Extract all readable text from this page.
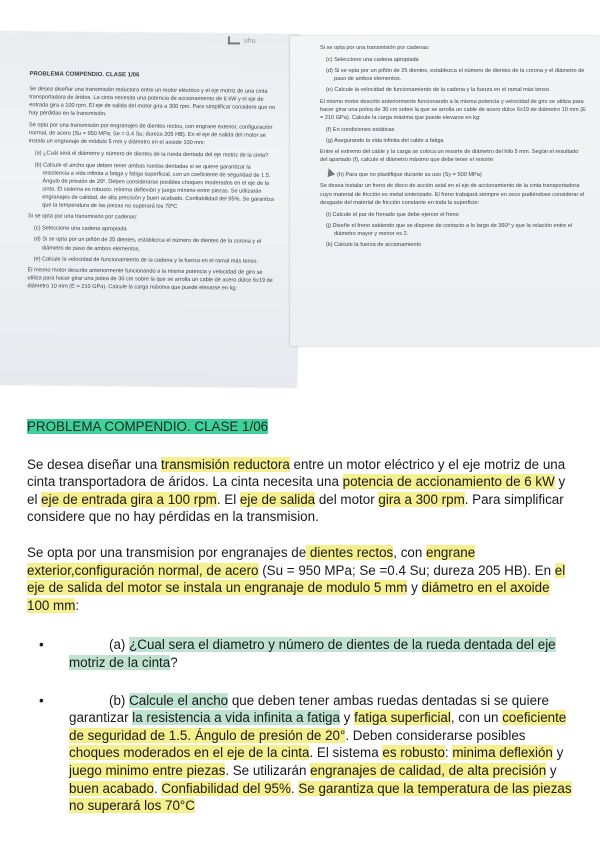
uhu

PROBLEMA COMPENDIO. CLASE 1/06

Se desea diseñar una transmisión reductora entre un motor eléctrico y el eje motriz de una cinta transportadora de áridos. La cinta necesita una potencia de accionamiento de 6 kW y el eje de entrada gira a 100 rpm. El eje de salida del motor gira a 300 rpm. Para simplificar considere que no hay pérdidas en la transmisión.

Se opta por una transmisión por engranajes de dientes rectos, con engrane exterior, configuración normal, de acero (Su = 950 MPa; Se = 0.4 Su; dureza 205 HB). En el eje de salida del motor se instala un engranaje de módulo 5 mm y diámetro en el axoide 100 mm:

(a) ¿Cuál será el diámetro y número de dientes de la rueda dentada del eje motriz de la cinta?

(b) Calcule el ancho que deben tener ambas ruedas dentadas si se quiere garantizar la resistencia a vida infinita a fatiga y fatiga superficial, con un coeficiente de seguridad de 1.5. Ángulo de presión de 20º. Deben considerarse posibles choques moderados en el eje de la cinta. El sistema es robusto: mínima deflexión y juego mínimo entre piezas. Se utilizarán engranajes de calidad, de alta precisión y buen acabado. Confiabilidad del 95%. Se garantiza que la temperatura de las piezas no superará los 70ºC

Si se opta por una transmisión por cadenas:

(c) Seleccione una cadena apropiada

(d) Si se opta por un piñón de 25 dientes, establezca el número de dientes de la corona y el diámetro de paso de ambos elementos.

(e) Calcule la velocidad de funcionamiento de la cadena y la fuerza en el ramal más tenso.

El mismo motor descrito anteriormente funcionando a la misma potencia y velocidad de giro se utiliza para hacer girar una polea de 30 cm sobre la que se arrolla un cable de acero dúlce 6x19 de diámetro 10 mm (E = 210 GPa). Calcule la carga máxima que puede elevarse en kg:

Si se opta por una transmisión por cadenas:

(c) Seleccione una cadena apropiada

(d) Si se opta por un piñón de 25 dientes, establezca el número de dientes de la corona y el diámetro de paso de ambos elementos.

(e) Calcule la velocidad de funcionamiento de la cadena y la fuerza en el ramal más tenso.

El mismo motor descrito anteriormente funcionando a la misma potencia y velocidad de giro se utiliza para hacer girar una polea de 30 cm sobre la que se arrolla un cable de acero dúlce 6x19 de diámetro 10 mm (E = 210 GPa). Calcule la carga máxima que puede elevarse en kg:

(f) En condiciones estáticas

(g) Asegurando la vida infinita del cable a fatiga

Entre el extremo del cable y la carga se coloca un resorte de diámetro del hilo 5 mm. Según el resultado del apartado (f), calcule el diámetro máximo que debe tener el resorte:

(h) Para que no plastifique durante su uso (Sy = 500 MPa)

Se desea instalar un freno de disco de acción axial en el eje de accionamiento de la cinta transportadora cuyo material de fricción es metal sinterizado. El freno trabajará siempre en seco pudiéndose considerar el desgaste del material de fricción constante en toda la superficie:

(i) Calcule el par de frenado que debe ejercer el freno

(j) Diseñe el freno sabiendo que se dispone de contacto a lo largo de 360º y que la relación entre el diámetro mayor y menor es 2.

(k) Calcule la fuerza de accionamiento

PROBLEMA COMPENDIO. CLASE 1/06

Se desea diseñar una transmisión reductora entre un motor eléctrico y el eje motriz de una cinta transportadora de áridos. La cinta necesita una potencia de accionamiento de 6 kW y el eje de entrada gira a 100 rpm. El eje de salida del motor gira a 300 rpm. Para simplificar considere que no hay pérdidas en la transmision.

Se opta por una transmision por engranajes de dientes rectos, con engrane exterior,configuración normal, de acero (Su = 950 MPa; Se =0.4 Su; dureza 205 HB). En el eje de salida del motor se instala un engranaje de modulo 5 mm y diámetro en el axoide 100 mm:

•	(a) ¿Cual sera el diametro y número de dientes de la rueda dentada del eje motriz de la cinta?

•	(b) Calcule el ancho que deben tener ambas ruedas dentadas si se quiere garantizar la resistencia a vida infinita a fatiga y fatiga superficial, con un coeficiente de seguridad de 1.5. Ángulo de presión de 20°. Deben considerarse posibles choques moderados en el eje de la cinta. El sistema es robusto: minima deflexión y juego minimo entre piezas. Se utilizarán engranajes de calidad, de alta precisión y buen acabado. Confiabilidad del 95%. Se garantiza que la temperatura de las piezas no superará los 70°C
